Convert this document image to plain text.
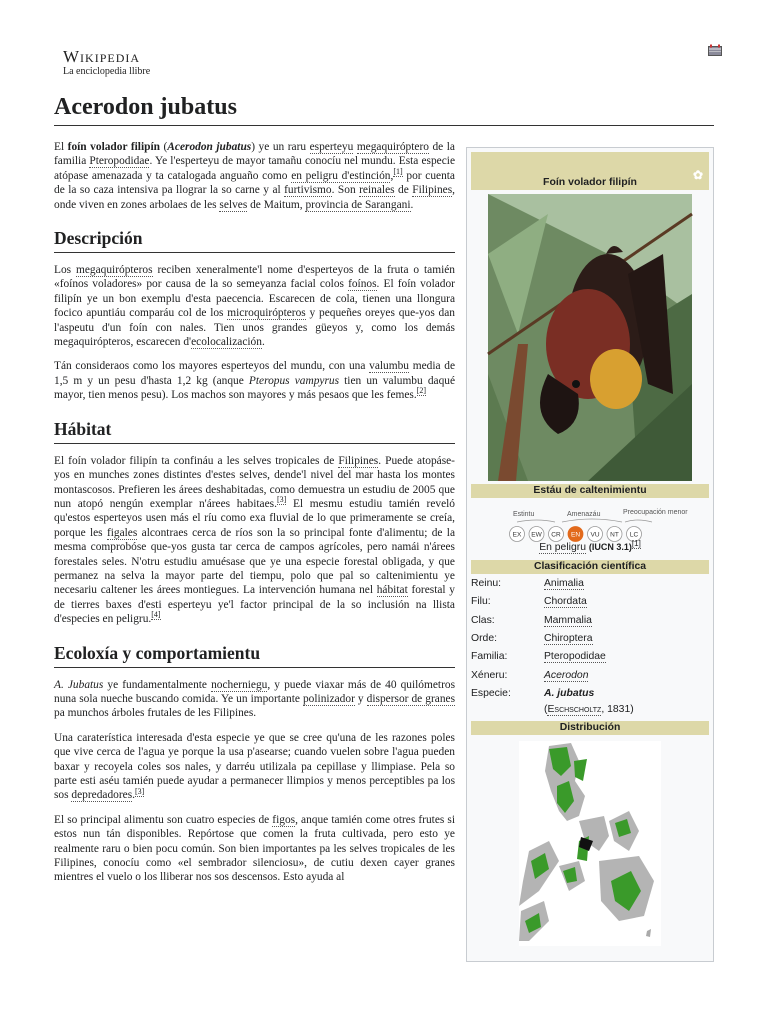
Wikipedia
La enciclopedia llibre
Acerodon jubatus

El foín volador filipín (Acerodon jubatus) ye un raru esperteyu megaquiróptero de la familia Pteropodidae. Ye l'esperteyu de mayor tamañu conocíu nel mundu. Esta especie atópase amenazada y ta catalogada anguaño como en peligru d'estinción,[1] por cuenta de la so caza intensiva pa llograr la so carne y al furtivismo. Son reinales de Filipines, onde viven en zones arbolaes de les selves de Maitum, provincia de Sarangani.

Descripción

Los megaquirópteros reciben xeneralmente'l nome d'esperteyos de la fruta o tamién «foínos voladores» por causa de la so semeyanza facial colos foínos. El foín volador filipín ye un bon exemplu d'esta paecencia. Escarecen de cola, tienen una llongura focico apuntiáu comparáu col de los microquirópteros y pequeñes oreyes que-yos dan l'aspeutu d'un foín con nales. Tien unos grandes güeyos y, como los demás megaquirópteros, escarecen d'ecolocalización.

Tán consideraos como los mayores esperteyos del mundu, con una valumbu media de 1,5 m y un pesu d'hasta 1,2 kg (anque Pteropus vampyrus tien un valumbu daqué mayor, tien menos pesu). Los machos son mayores y más pesaos que les femes.[2]

Hábitat

El foín volador filipín ta confináu a les selves tropicales de Filipines. Puede atopáse-yos en munches zones distintes d'estes selves, dende'l nivel del mar hasta los montes montascosos. Prefieren les árees deshabitadas, como demuestra un estudiu de 2005 que nun atopó nengún exemplar n'árees habitaes.[3] El mesmu estudiu tamién reveló qu'estos esperteyos usen más el ríu como exa fluvial de lo que primeramente se creía, porque les figales alcontraes cerca de ríos son la so principal fonte d'alimentu; de la mesma comprobóse que-yos gusta tar cerca de campos agrícoles, pero namái n'árees forestales seles. N'otru estudiu amuésase que ye una especie forestal obligada, y que permanez na selva la mayor parte del tiempu, polo que pal so caltenimientu ye necesariu caltener les árees montiegues. La intervención humana nel hábitat forestal y de tierres baxes d'esti esperteyu ye'l factor principal de la so inclusión na llista d'especies en peligru.[4]

Ecoloxía y comportamientu

A. Jubatus ye fundamentalmente nocherniegu, y puede viaxar más de 40 quilómetros nuna sola nueche buscando comida. Ye un importante polinizador y dispersor de granes pa munchos árboles frutales de les Filipines.

Una caraterística interesada d'esta especie ye que se cree qu'una de les razones poles que vive cerca de l'agua ye porque la usa p'asearse; cuando vuelen sobre l'agua pueden baxar y recoyela coles sos nales, y darréu utilizala pa cepillase y llimpiase. Pela so parte esti aséu tamién puede ayudar a permanecer llimpios y menos perceptibles pa los sos depredadores.[3]

El so principal alimentu son cuatro especies de figos, anque tamién come otres frutes si estos nun tán disponibles. Repórtose que comen la fruta cultivada, pero esto ye realmente raru o bien pocu común. Son bien importantes pa les selves tropicales de les Filipines, conocíu como «el sembrador silenciosu», de cutiu dexen cayer granes mientres el vuelo o los lliberar nos sos descensos. Esto ayuda al

Foín volador filipín	✿
Estáu de caltenimientu
Estintu	Amenazáu	Preocupación menor
EX EW CR EN VU NT LC
En peligru (IUCN 3.1)[1]
Clasificación científica
Reinu:	Animalia
Filu:	Chordata
Clas:	Mammalia
Orde:	Chiroptera
Familia:	Pteropodidae
Xéneru:	Acerodon
Especie:	A. jubatus
(Eschscholtz, 1831)
Distribución
